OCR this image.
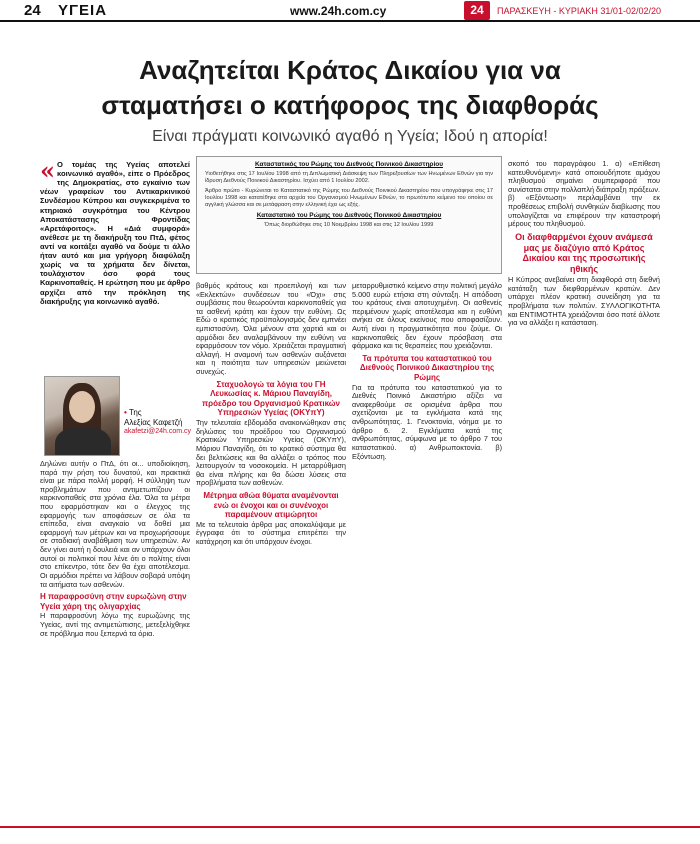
24 ΥΓΕΙΑ	www.24h.com.cy	24	ΠΑΡΑΣΚΕΥΗ - ΚΥΡΙΑΚΗ 31/01-02/02/20
Αναζητείται Κράτος Δικαίου για να
σταματήσει ο κατήφορος της διαφθοράς
Είναι πράγματι κοινωνικό αγαθό η Υγεία; Ιδού η απορία!
« Ο τομέας της Υγείας αποτελεί κοινωνικό αγαθό», είπε ο Πρόεδρος της Δημοκρατίας, στο εγκαίνιο των νέων γραφείων του Αντικαρκινικού Συνδέσμου Κύπρου και συγκεκριμένα το κτηριακό συγκρότημα του Κέντρου Αποκατάστασης Φροντίδας «Αρετάφοιτος». Η «Διά συμφορά» ανέθεσε με τη διακήρυξη του ΠτΔ, φέτος αντί να κοιτάξει αγαθό να δούμε τι άλλο ήταν αυτό και μια γρήγορη διαφύλαξη χωρίς να τα χρήματα δεν δίνεται, τουλάχιστον όσο φορά τους Καρκινοπαθείς. Η ερώτηση που με άρθρο αρχίζει από την πρόκληση της διακήρυξης για κοινωνικό αγαθό.
• Της
Αλεξίας Καφετζή
akafetzi@24h.com.cy

Δηλώνει αυτήν ο ΠτΔ, ότι οι... υποδιοίκηση, παρά την ρήση του δυνατού, και πρακτικά είναι με πάρα πολλή μορφή. Η σύλληψη των προβλημάτων που αντιμετωπίζουν οι καρκινοπαθείς στα χρόνια έλα. Όλα τα μέτρα που εφαρμόστηκαν και ο έλεγχος της εφαρμογής των αποφάσεων σε όλα τα επίπεδα, είναι αναγκαίο να δοθεί μια εφαρμογή των μέτρων και να προχωρήσουμε σε σταδιακή αναβάθμιση των υπηρεσιών. Αν δεν γίνει αυτή η δουλειά και αν υπάρχουν όλοι αυτοί οι πολιτικοί που λένε ότι ο πολίτης είναι στο επίκεντρο, τότε δεν θα έχει αποτέλεσμα. Οι αρμόδιοι πρέπει να λάβουν σοβαρά υπόψη τα αιτήματα των ασθενών.

Η παραφροσύνη στην ευρωζώνη στην Υγεία χάρη της ολιγαρχίας

Η παραφροσύνη λόγω της ευρωζώνης της Υγείας, αντί της αντιμετώπισης, μετεξελίχθηκε σε πρόβλημα που ξεπερνά τα όρια.

Καταστατικός του Ρώμης του Διεθνούς Ποινικού Δικαστηρίου
Υιοθετήθηκε στις 17 Ιουλίου 1998 από τη Διπλωματική Διάσκεψη των Πληρεξουσίων των Ηνωμένων Εθνών για την ίδρυση Διεθνούς Ποινικού Δικαστηρίου. Ισχύει από 1 Ιουλίου 2002.
Άρθρο πρώτο - Κυρώνεται το Καταστατικό της Ρώμης του Διεθνούς Ποινικού Δικαστηρίου που υπογράφηκε στις 17 Ιουλίου 1998 και κατατέθηκε στα αρχεία του Οργανισμού Ηνωμένων Εθνών, το πρωτότυπο κείμενο του οποίου σε αγγλική γλώσσα και σε μετάφραση στην ελληνική έχει ως εξής.
Καταστατικό του Ρώμης του Διεθνούς Ποινικού Δικαστηρίου
Όπως διορθώθηκε στις 10 Νοεμβρίου 1998 και στις 12 Ιουλίου 1999

βαθμός κράτους και προεπιλογή και των «Εκλεκτών» συνδέσεων του «Όχι» στις συμβάσεις που θεωρούνται καρκινοπαθείς για τα ασθενή κράτη και έχουν την ευθύνη. Ως Εδώ ο κρατικός προϋπολογισμός δεν εμπνέει εμπιστοσύνη. Όλα μένουν στα χαρτιά και οι αρμόδιοι δεν αναλαμβάνουν την ευθύνη να εφαρμόσουν τον νόμο. Χρειάζεται πραγματική αλλαγή. Η αναμονή των ασθενών αυξάνεται και η ποιότητα των υπηρεσιών μειώνεται συνεχώς.

Σταχυολογώ τα λόγια του ΓΗ Λευκωσίας κ. Μάριου Παναγίδη, πρόεδρο του Οργανισμού Κρατικών Υπηρεσιών Υγείας (ΟΚΥπΥ)

Την τελευταία εβδομάδα ανακοινώθηκαν στις δηλώσεις του προέδρου του Οργανισμού Κρατικών Υπηρεσιών Υγείας (ΟΚΥπΥ), Μάριου Παναγίδη, ότι το κρατικό σύστημα θα δει βελτιώσεις και θα αλλάξει ο τρόπος που λειτουργούν τα νοσοκομεία. Η μεταρρύθμιση θα είναι πλήρης και θα δώσει λύσεις στα προβλήματα των ασθενών.

Μέτρημα αθώα θύματα αναμένονται ενώ οι ένοχοι και οι συνένοχοι παραμένουν ατιμώρητοι

Με τα τελευταία άρθρα μας αποκαλύψαμε με έγγραφα ότι το σύστημα επιτρέπει την κατάχρηση και ότι υπάρχουν ένοχοι.

μεταρρυθμιστικό κείμενο στην πολιτική μεγάλο 5.000 ευρώ ετήσια στη σύνταξη. Η απόδοση του κράτους είναι αποτυχημένη. Οι ασθενείς περιμένουν χωρίς αποτέλεσμα και η ευθύνη ανήκει σε όλους εκείνους που αποφασίζουν. Αυτή είναι η πραγματικότητα που ζούμε. Οι καρκινοπαθείς δεν έχουν πρόσβαση στα φάρμακα και τις θεραπείες που χρειάζονται.

Τα πρότυπα του καταστατικού του Διεθνούς Ποινικού Δικαστηρίου της Ρώμης

Για τα πρότυπα του καταστατικού για το Διεθνές Ποινικό Δικαστήριο αξίζει να αναφερθούμε σε ορισμένα άρθρα που σχετίζονται με τα εγκλήματα κατά της ανθρωπότητας. 1. Γενοκτονία, νόημα με το άρθρο 6. 2. Εγκλήματα κατά της ανθρωπότητας, σύμφωνα με το άρθρο 7 του καταστατικού. α) Ανθρωποκτονία. β) Εξόντωση.

σκοπό του παραγράφου 1. α) «Επίθεση κατευθυνόμενη» κατά οποιουδήποτε αμάχου πληθυσμού σημαίνει συμπεριφορά που συνίσταται στην πολλαπλή διάπραξη πράξεων. β) «Εξόντωση» περιλαμβάνει την εκ προθέσεως επιβολή συνθηκών διαβίωσης που υπολογίζεται να επιφέρουν την καταστροφή μέρους του πληθυσμού.

Οι διαφθαρμένοι έχουν ανάμεσά μας με διαζύγιο από Κράτος Δικαίου και της προσωπικής ηθικής

Η Κύπρος ανεβαίνει στη διαφθορά στη διεθνή κατάταξη των διεφθαρμένων κρατών. Δεν υπάρχει πλέον κρατική συνείδηση για τα προβλήματα των πολιτών. ΣΥΛΛΟΓΙΚΟΤΗΤΑ και ΕΝΤΙΜΟΤΗΤΑ χρειάζονται όσο ποτέ άλλοτε για να αλλάξει η κατάσταση.
